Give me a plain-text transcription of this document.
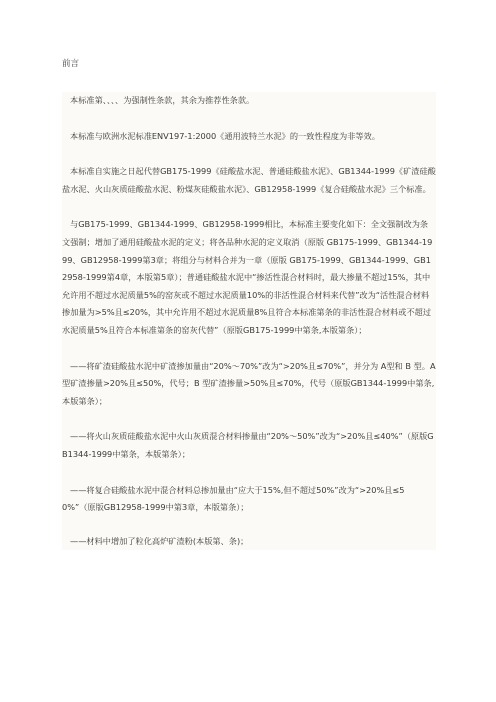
前言

本标准第、、、、为强制性条款，其余为推荐性条款。

本标准与欧洲水泥标准ENV197-1:2000《通用波特兰水泥》的一致性程度为非等效。

本标准自实施之日起代替GB175-1999《硅酸盐水泥、普通硅酸盐水泥》、GB1344-1999《矿渣硅酸盐水泥、火山灰质硅酸盐水泥、粉煤灰硅酸盐水泥》、GB12958-1999《复合硅酸盐水泥》三个标准。

与GB175-1999、GB1344-1999、GB12958-1999相比，本标准主要变化如下：全文强制改为条文强制；增加了通用硅酸盐水泥的定义；将各品种水泥的定义取消（原版 GB175-1999、GB1344-1999、GB12958-1999第3章；将组分与材料合并为一章（原版 GB175-1999、GB1344-1999、GB12958-1999第4章，本版第5章）；普通硅酸盐水泥中“掺活性混合材料时，最大掺量不超过15%，其中允许用不超过水泥质量5%的窑灰或不超过水泥质量10%的非活性混合材料来代替”改为“活性混合材料掺加量为>5%且≤20%，其中允许用不超过水泥质量8%且符合本标准第条的非活性混合材料或不超过水泥质量5%且符合本标准第条的窑灰代替”（原版GB175-1999中第条,本版第条）；

——将矿渣硅酸盐水泥中矿渣掺加量由“20%～70%”改为“>20%且≤70%”，并分为 A型和 B 型。A 型矿渣掺量>20%且≤50%，代号；B 型矿渣掺量>50%且≤70%，代号（原版GB1344-1999中第条,本版第条）；

——将火山灰质硅酸盐水泥中火山灰质混合材料掺量由“20%～50%”改为“>20%且≤40%”（原版GB1344-1999中第条，本版第条）；

——将复合硅酸盐水泥中混合材料总掺加量由“应大于15%,但不超过50%”改为“>20%且≤50%”（原版GB12958-1999中第3章，本版第条）；

——材料中增加了粒化高炉矿渣粉(本版第、条)；
